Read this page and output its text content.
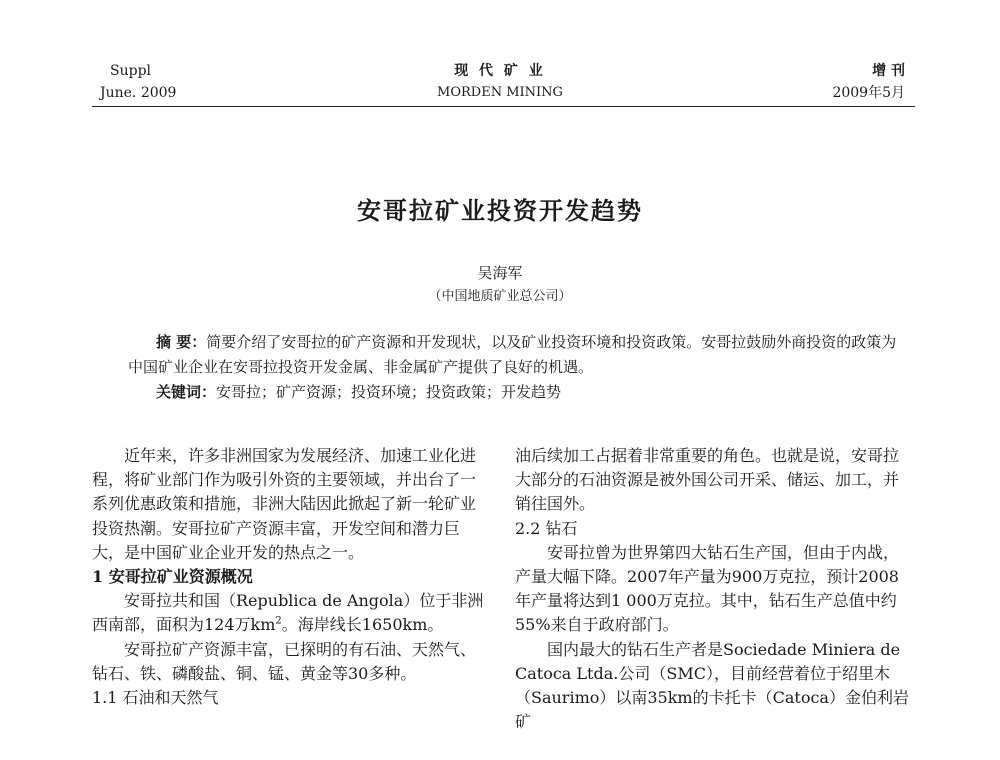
Suppl
June. 2009
现 代 矿 业
MORDEN MINING
增 刊
2009年5月
安哥拉矿业投资开发趋势
吴海军
（中国地质矿业总公司）
摘 要：简要介绍了安哥拉的矿产资源和开发现状，以及矿业投资环境和投资政策。安哥拉鼓励外商投资的政策为中国矿业企业在安哥拉投资开发金属、非金属矿产提供了良好的机遇。
关键词：安哥拉；矿产资源；投资环境；投资政策；开发趋势

近年来，许多非洲国家为发展经济、加速工业化进程，将矿业部门作为吸引外资的主要领域，并出台了一系列优惠政策和措施，非洲大陆因此掀起了新一轮矿业投资热潮。安哥拉矿产资源丰富，开发空间和潜力巨大，是中国矿业企业开发的热点之一。

1 安哥拉矿业资源概况

安哥拉共和国（Republica de Angola）位于非洲西南部，面积为124万$km^2$。海岸线长1650km。

安哥拉矿产资源丰富，已探明的有石油、天然气、钻石、铁、磷酸盐、铜、锰、黄金等30多种。

1.1 石油和天然气

油后续加工占据着非常重要的角色。也就是说，安哥拉大部分的石油资源是被外国公司开采、储运、加工，并销往国外。

2.2 钻石

安哥拉曾为世界第四大钻石生产国，但由于内战，产量大幅下降。2007年产量为900万克拉，预计2008年产量将达到1 000万克拉。其中，钻石生产总值中约55%来自于政府部门。

国内最大的钻石生产者是Sociedade Miniera de Catoca Ltda.公司（SMC），目前经营着位于绍里木（Saurimo）以南35km的卡托卡（Catoca）金伯利岩矿
